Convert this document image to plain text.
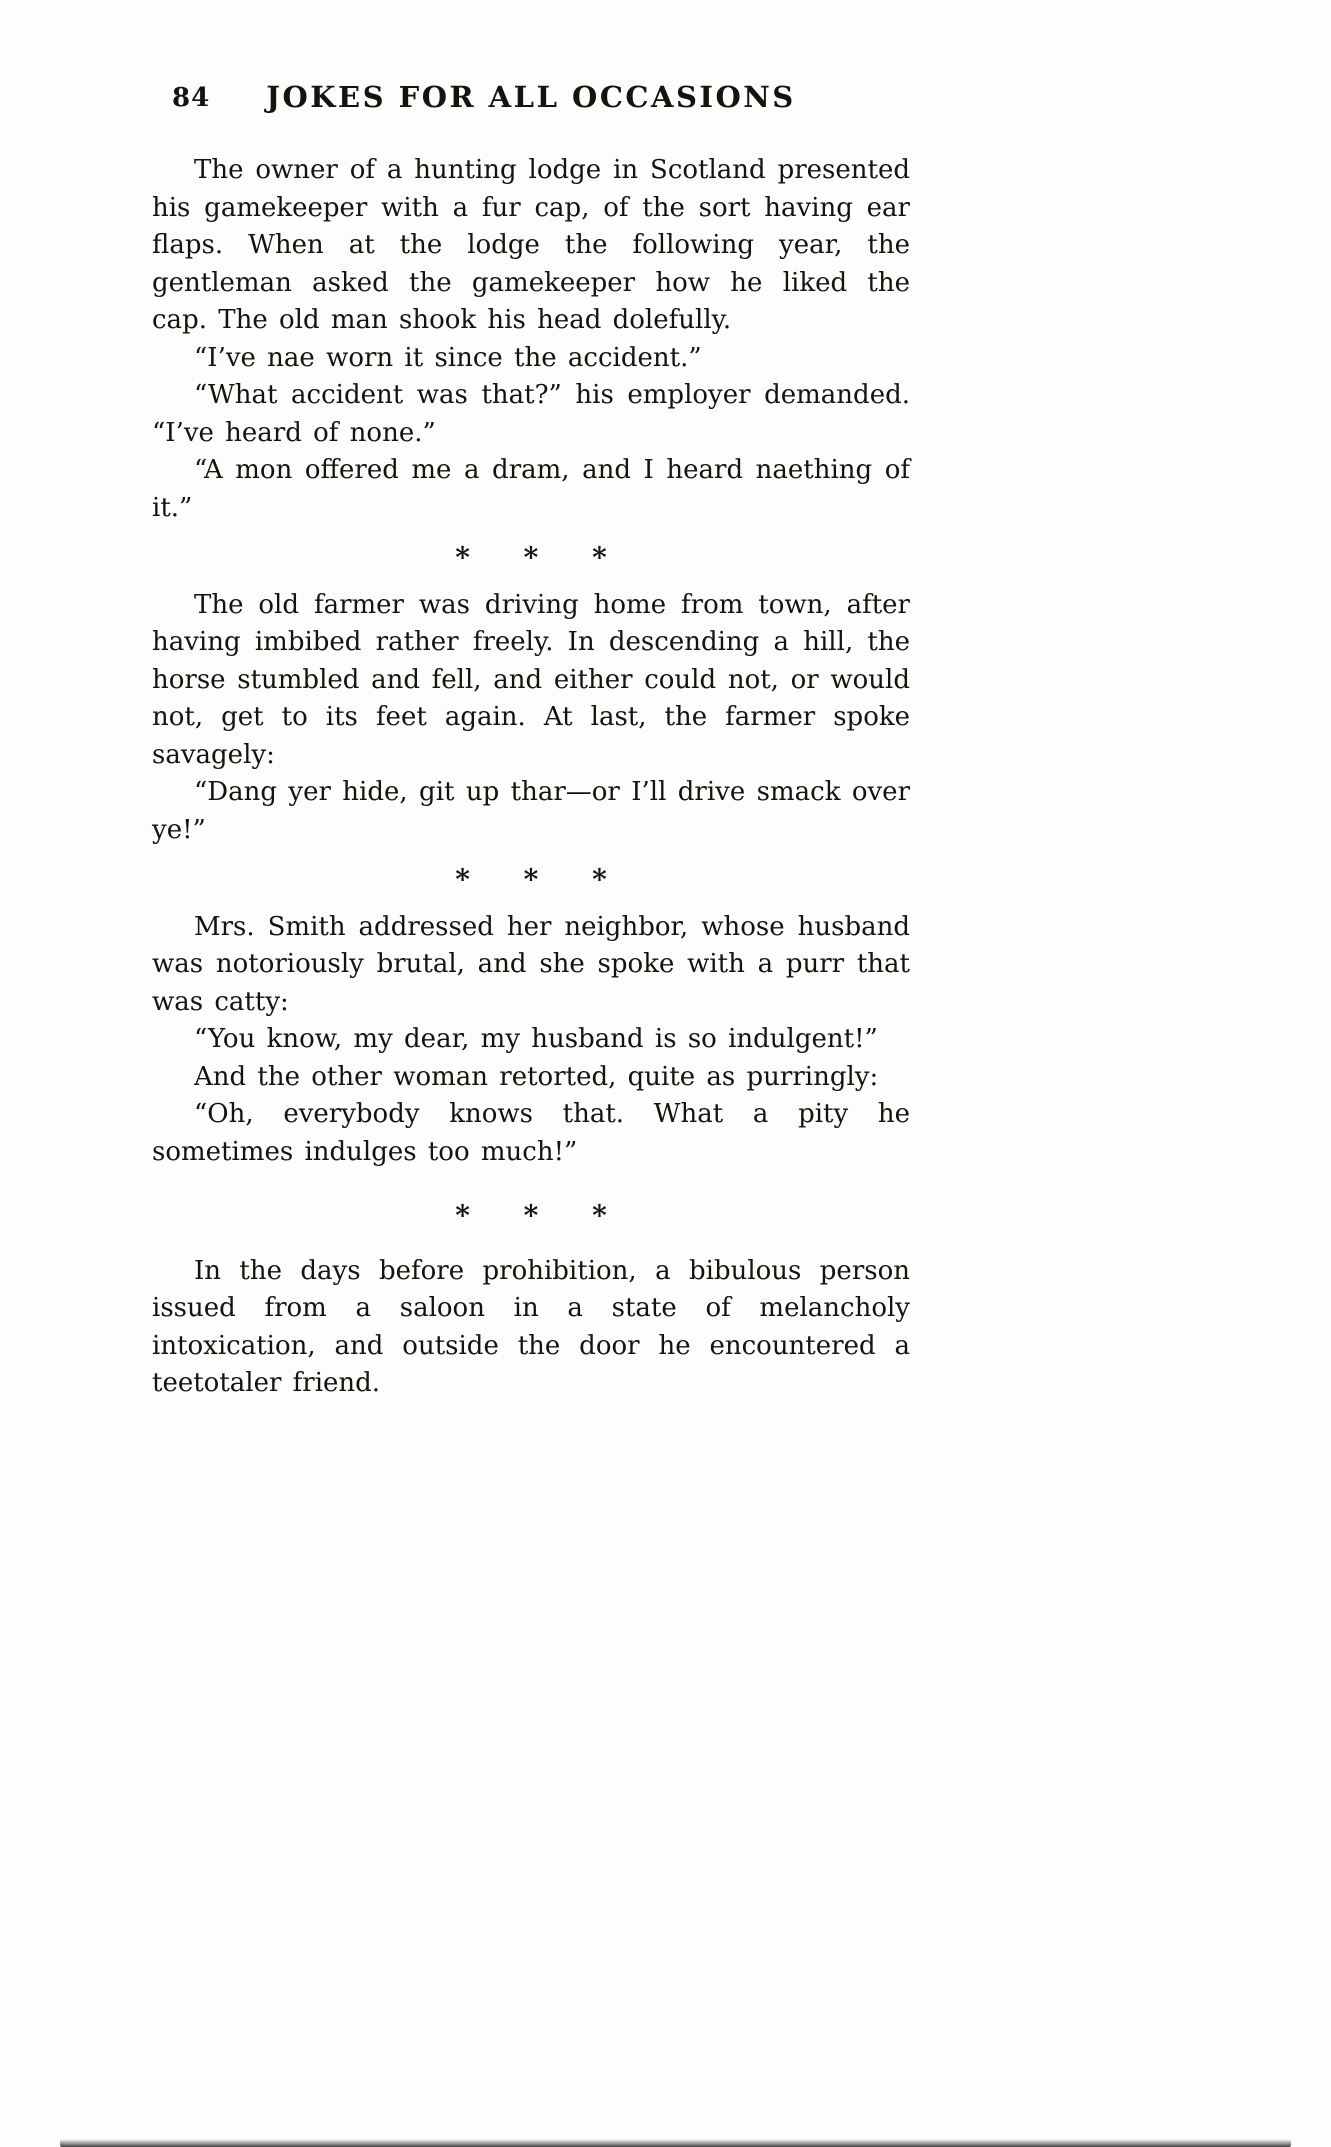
84	JOKES FOR ALL OCCASIONS

The owner of a hunting lodge in Scotland presented his gamekeeper with a fur cap, of the sort having ear flaps. When at the lodge the following year, the gentleman asked the gamekeeper how he liked the cap. The old man shook his head dolefully.

“I’ve nae worn it since the accident.”

“What accident was that?” his employer demanded. “I’ve heard of none.”

“A mon offered me a dram, and I heard naething of it.”

* * *

The old farmer was driving home from town, after having imbibed rather freely. In descending a hill, the horse stumbled and fell, and either could not, or would not, get to its feet again. At last, the farmer spoke savagely:

“Dang yer hide, git up thar—or I’ll drive smack over ye!”

* * *

Mrs. Smith addressed her neighbor, whose husband was notoriously brutal, and she spoke with a purr that was catty:

“You know, my dear, my husband is so indulgent!”

And the other woman retorted, quite as purringly:

“Oh, everybody knows that. What a pity he sometimes indulges too much!”

* * *

In the days before prohibition, a bibulous person issued from a saloon in a state of melancholy intoxication, and outside the door he encountered a teetotaler friend.
